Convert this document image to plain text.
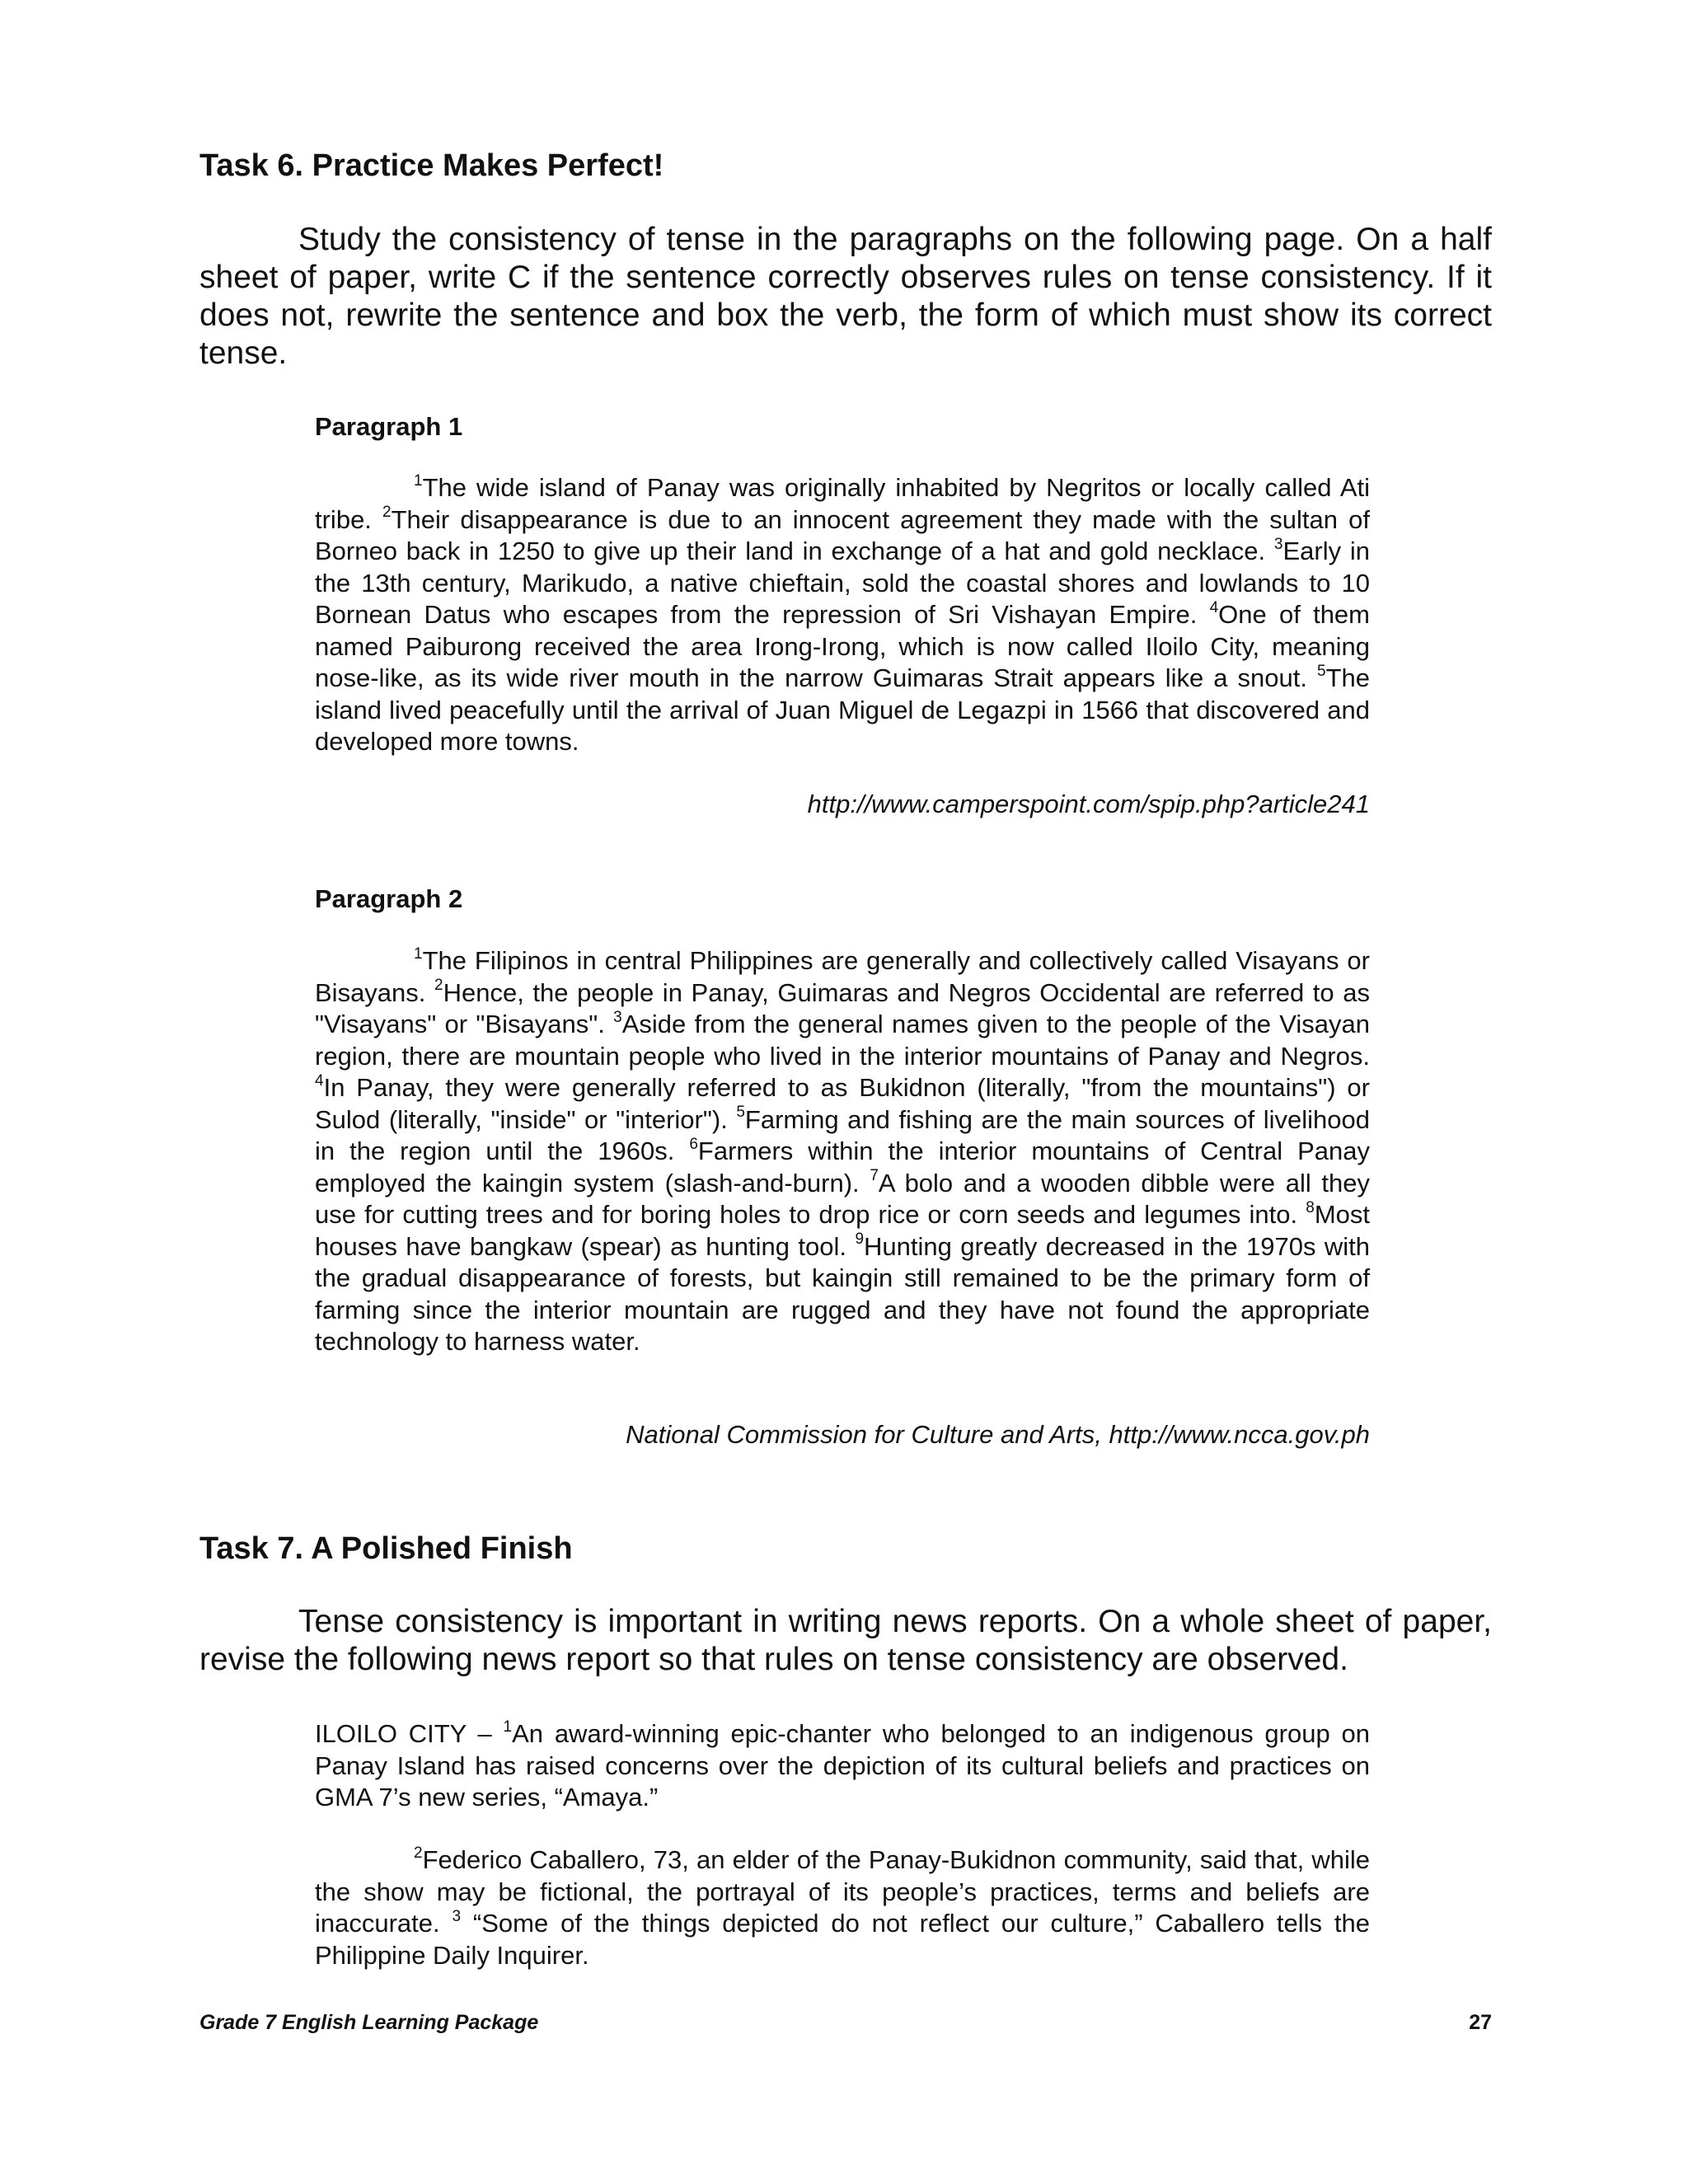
Task 6. Practice Makes Perfect!

Study the consistency of tense in the paragraphs on the following page. On a half sheet of paper, write C if the sentence correctly observes rules on tense consistency. If it does not, rewrite the sentence and box the verb, the form of which must show its correct tense.

Paragraph 1

$^1$The wide island of Panay was originally inhabited by Negritos or locally called Ati tribe. $^2$Their disappearance is due to an innocent agreement they made with the sultan of Borneo back in 1250 to give up their land in exchange of a hat and gold necklace. $^3$Early in the 13th century, Marikudo, a native chieftain, sold the coastal shores and lowlands to 10 Bornean Datus who escapes from the repression of Sri Vishayan Empire. $^4$One of them named Paiburong received the area Irong-Irong, which is now called Iloilo City, meaning nose-like, as its wide river mouth in the narrow Guimaras Strait appears like a snout. $^5$The island lived peacefully until the arrival of Juan Miguel de Legazpi in 1566 that discovered and developed more towns.

http://www.camperspoint.com/spip.php?article241

Paragraph 2

$^1$The Filipinos in central Philippines are generally and collectively called Visayans or Bisayans. $^2$Hence, the people in Panay, Guimaras and Negros Occidental are referred to as "Visayans" or "Bisayans". $^3$Aside from the general names given to the people of the Visayan region, there are mountain people who lived in the interior mountains of Panay and Negros. $^4$In Panay, they were generally referred to as Bukidnon (literally, "from the mountains") or Sulod (literally, "inside" or "interior"). $^5$Farming and fishing are the main sources of livelihood in the region until the 1960s. $^6$Farmers within the interior mountains of Central Panay employed the kaingin system (slash-and-burn). $^7$A bolo and a wooden dibble were all they use for cutting trees and for boring holes to drop rice or corn seeds and legumes into. $^8$Most houses have bangkaw (spear) as hunting tool. $^9$Hunting greatly decreased in the 1970s with the gradual disappearance of forests, but kaingin still remained to be the primary form of farming since the interior mountain are rugged and they have not found the appropriate technology to harness water.

National Commission for Culture and Arts, http://www.ncca.gov.ph

Task 7. A Polished Finish

Tense consistency is important in writing news reports. On a whole sheet of paper, revise the following news report so that rules on tense consistency are observed.

ILOILO CITY – $^1$An award-winning epic-chanter who belonged to an indigenous group on Panay Island has raised concerns over the depiction of its cultural beliefs and practices on GMA 7’s new series, “Amaya.”

$^2$Federico Caballero, 73, an elder of the Panay-Bukidnon community, said that, while the show may be fictional, the portrayal of its people’s practices, terms and beliefs are inaccurate. $^3$ “Some of the things depicted do not reflect our culture,” Caballero tells the Philippine Daily Inquirer.

Grade 7 English Learning Package	27
